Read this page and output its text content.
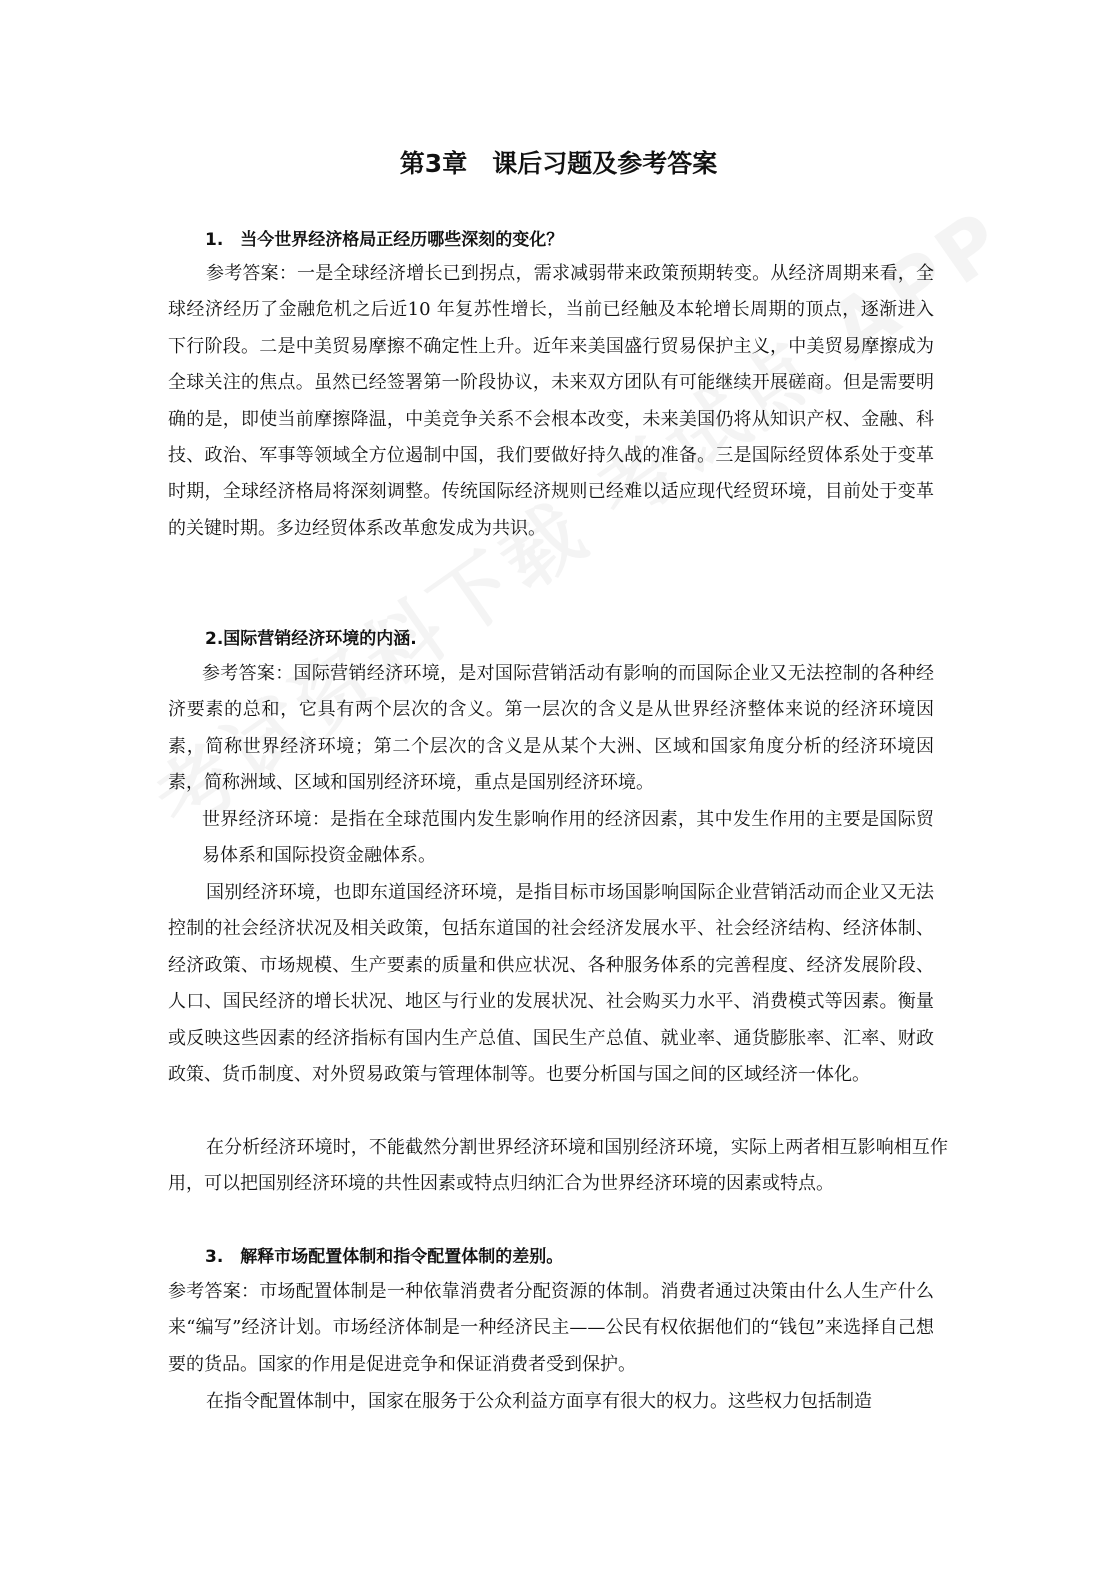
第3章　课后习题及参考答案
1.　当今世界经济格局正经历哪些深刻的变化？

参考答案：一是全球经济增长已到拐点，需求减弱带来政策预期转变。从经济周期来看，全球经济经历了金融危机之后近10 年复苏性增长，当前已经触及本轮增长周期的顶点，逐渐进入下行阶段。二是中美贸易摩擦不确定性上升。近年来美国盛行贸易保护主义，中美贸易摩擦成为全球关注的焦点。虽然已经签署第一阶段协议，未来双方团队有可能继续开展磋商。但是需要明确的是，即使当前摩擦降温，中美竞争关系不会根本改变，未来美国仍将从知识产权、金融、科技、政治、军事等领域全方位遏制中国，我们要做好持久战的准备。三是国际经贸体系处于变革时期，全球经济格局将深刻调整。传统国际经济规则已经难以适应现代经贸环境，目前处于变革的关键时期。多边经贸体系改革愈发成为共识。

2.国际营销经济环境的内涵.

参考答案：国际营销经济环境，是对国际营销活动有影响的而国际企业又无法控制的各种经济要素的总和，它具有两个层次的含义。第一层次的含义是从世界经济整体来说的经济环境因素，简称世界经济环境；第二个层次的含义是从某个大洲、区域和国家角度分析的经济环境因素，简称洲域、区域和国别经济环境，重点是国别经济环境。

世界经济环境：是指在全球范围内发生影响作用的经济因素，其中发生作用的主要是国际贸易体系和国际投资金融体系。

国别经济环境，也即东道国经济环境，是指目标市场国影响国际企业营销活动而企业又无法控制的社会经济状况及相关政策，包括东道国的社会经济发展水平、社会经济结构、经济体制、经济政策、市场规模、生产要素的质量和供应状况、各种服务体系的完善程度、经济发展阶段、人口、国民经济的增长状况、地区与行业的发展状况、社会购买力水平、消费模式等因素。衡量或反映这些因素的经济指标有国内生产总值、国民生产总值、就业率、通货膨胀率、汇率、财政政策、货币制度、对外贸易政策与管理体制等。也要分析国与国之间的区域经济一体化。

在分析经济环境时，不能截然分割世界经济环境和国别经济环境，实际上两者相互影响相互作用，可以把国别经济环境的共性因素或特点归纳汇合为世界经济环境的因素或特点。

3.　解释市场配置体制和指令配置体制的差别。

参考答案：市场配置体制是一种依靠消费者分配资源的体制。消费者通过决策由什么人生产什么来“编写”经济计划。市场经济体制是一种经济民主——公民有权依据他们的“钱包”来选择自己想要的货品。国家的作用是促进竞争和保证消费者受到保护。

在指令配置体制中，国家在服务于公众利益方面享有很大的权力。这些权力包括制造
